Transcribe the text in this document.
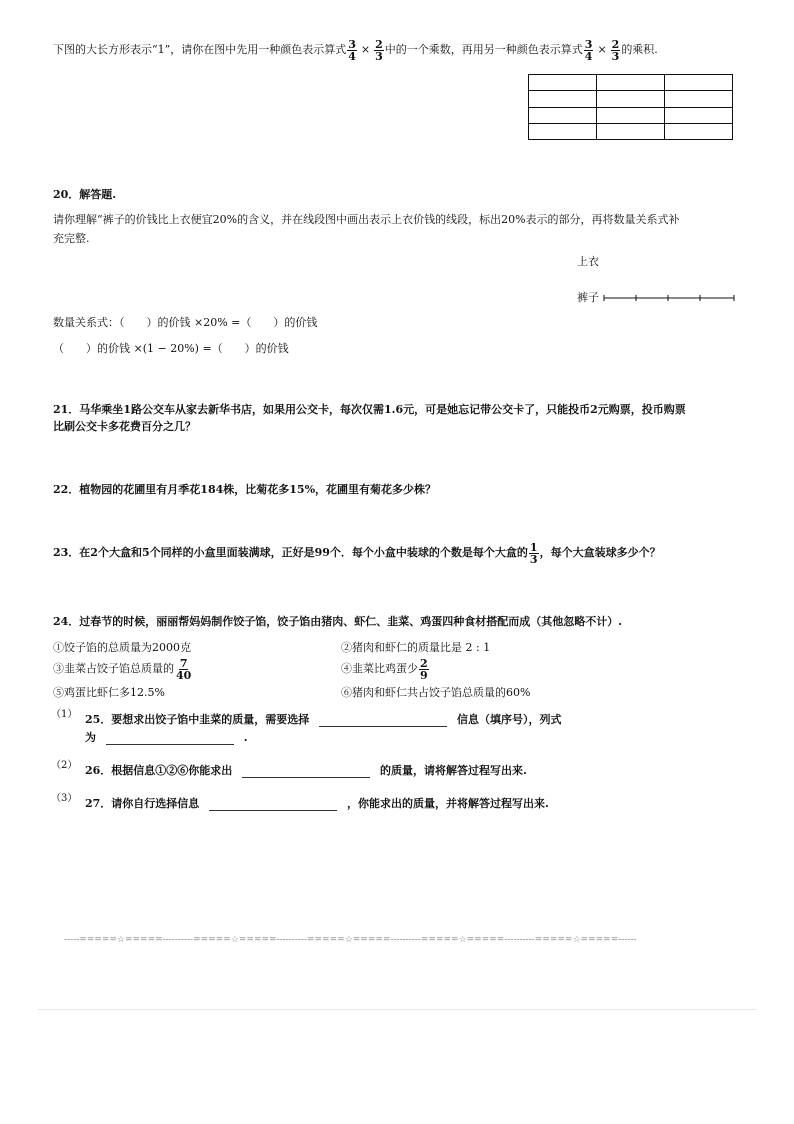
下图的大长方形表示“1”，请你在图中先用一种颜色表示算式 $\frac{3}{4} \times \frac{2}{3}$ 中的一个乘数，再用另一种颜色表示算式 $\frac{3}{4} \times \frac{2}{3}$ 的乘积.

20．解答题.
请你理解“裤子的价钱比上衣便宜20%的含义，并在线段图中画出表示上衣价钱的线段，标出20%表示的部分，再将数量关系式补
充完整.
上衣
裤子
数量关系式：（　　）的价钱 ×20% =（　　）的价钱
（　　）的价钱 ×(1 − 20%) =（　　）的价钱
21．马华乘坐1路公交车从家去新华书店，如果用公交卡，每次仅需1.6元，可是她忘记带公交卡了，只能投币2元购票，投币购票
比刷公交卡多花费百分之几？
22．植物园的花圃里有月季花184株，比菊花多15%，花圃里有菊花多少株？
23．在2个大盒和5个同样的小盒里面装满球，正好是99个．每个小盒中装球的个数是每个大盒的 $\frac{1}{3}$ ，每个大盒装球多少个？
24．过春节的时候，丽丽帮妈妈制作饺子馅，饺子馅由猪肉、虾仁、韭菜、鸡蛋四种食材搭配而成（其他忽略不计）.
①饺子馅的总质量为2000克	②猪肉和虾仁的质量比是 2 : 1
③韭菜占饺子馅总质量的 $\frac{7}{40}$	④韭菜比鸡蛋少 $\frac{2}{9}$
⑤鸡蛋比虾仁多12.5%	⑥猪肉和虾仁共占饺子馅总质量的60%
（1） 25．要想求出饺子馅中韭菜的质量，需要选择	信息（填序号），列式
为	.
（2） 26．根据信息①②⑥你能求出	的质量，请将解答过程写出来.
（3） 27．请你自行选择信息	，你能求出的质量，并将解答过程写出来.
-----=====☆=====----------=====☆=====----------=====☆=====----------=====☆=====----------=====☆=====------
